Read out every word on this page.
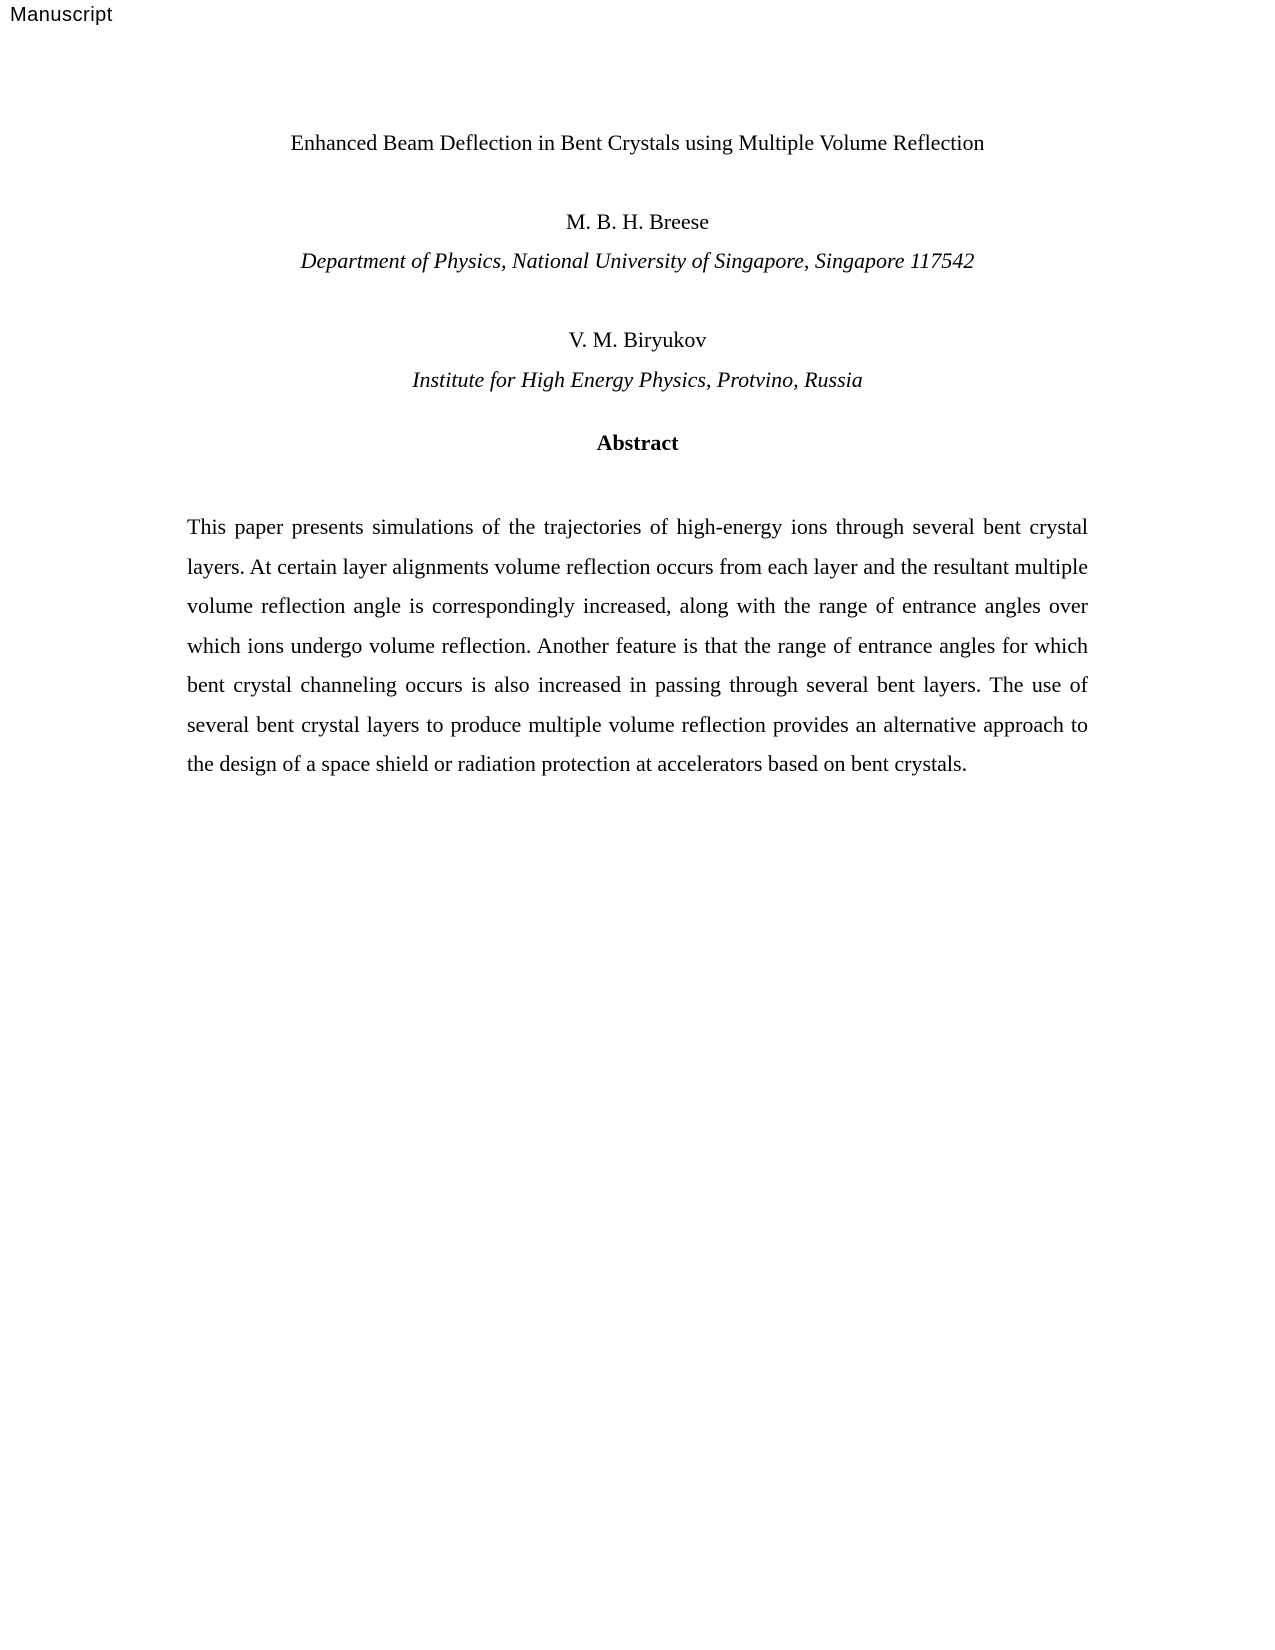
Manuscript
Enhanced Beam Deflection in Bent Crystals using Multiple Volume Reflection
M. B. H. Breese
Department of Physics, National University of Singapore, Singapore 117542
V. M. Biryukov
Institute for High Energy Physics, Protvino, Russia
Abstract

This paper presents simulations of the trajectories of high-energy ions through several bent crystal layers. At certain layer alignments volume reflection occurs from each layer and the resultant multiple volume reflection angle is correspondingly increased, along with the range of entrance angles over which ions undergo volume reflection. Another feature is that the range of entrance angles for which bent crystal channeling occurs is also increased in passing through several bent layers. The use of several bent crystal layers to produce multiple volume reflection provides an alternative approach to the design of a space shield or radiation protection at accelerators based on bent crystals.
